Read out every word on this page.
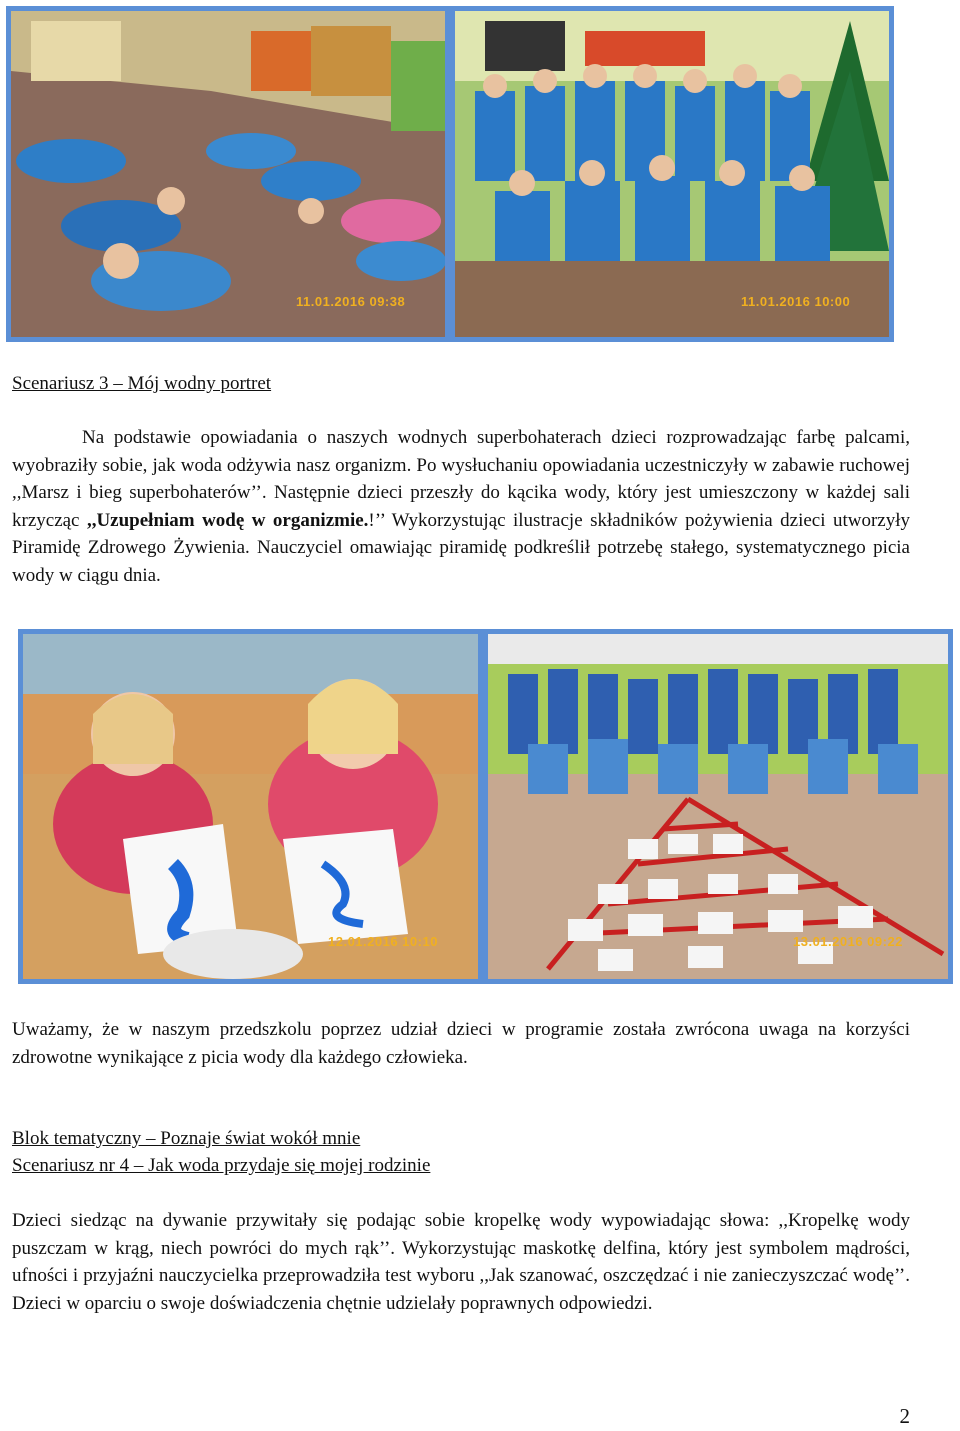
11.01.2016 09:38	11.01.2016 10:00
Scenariusz 3 – Mój wodny portret
Na podstawie opowiadania o naszych wodnych superbohaterach dzieci rozprowadzając farbę palcami, wyobraziły sobie, jak woda odżywia nasz organizm. Po wysłuchaniu opowiadania uczestniczyły w zabawie ruchowej ,,Marsz i bieg superbohaterów’’. Następnie dzieci przeszły do kącika wody, który jest umieszczony w każdej sali krzycząc ,,Uzupełniam wodę w organizmie.!’’ Wykorzystując ilustracje składników pożywienia dzieci utworzyły Piramidę Zdrowego Żywienia. Nauczyciel omawiając piramidę podkreślił potrzebę stałego, systematycznego picia wody w ciągu dnia.
12.01.2016 10:10	13.01.2016 09:22
Uważamy, że w naszym przedszkolu poprzez udział dzieci w programie została zwrócona uwaga na korzyści zdrowotne wynikające z picia wody dla każdego człowieka.
Blok tematyczny – Poznaje świat wokół mnie
Scenariusz nr 4 – Jak woda przydaje się mojej rodzinie
Dzieci siedząc na dywanie przywitały się podając sobie kropelkę wody wypowiadając słowa: ,,Kropelkę wody puszczam w krąg, niech powróci do mych rąk’’. Wykorzystując maskotkę delfina, który jest symbolem mądrości, ufności i przyjaźni nauczycielka przeprowadziła test wyboru ,,Jak szanować, oszczędzać i nie zanieczyszczać wodę’’. Dzieci w oparciu o swoje doświadczenia chętnie udzielały poprawnych odpowiedzi.
2
